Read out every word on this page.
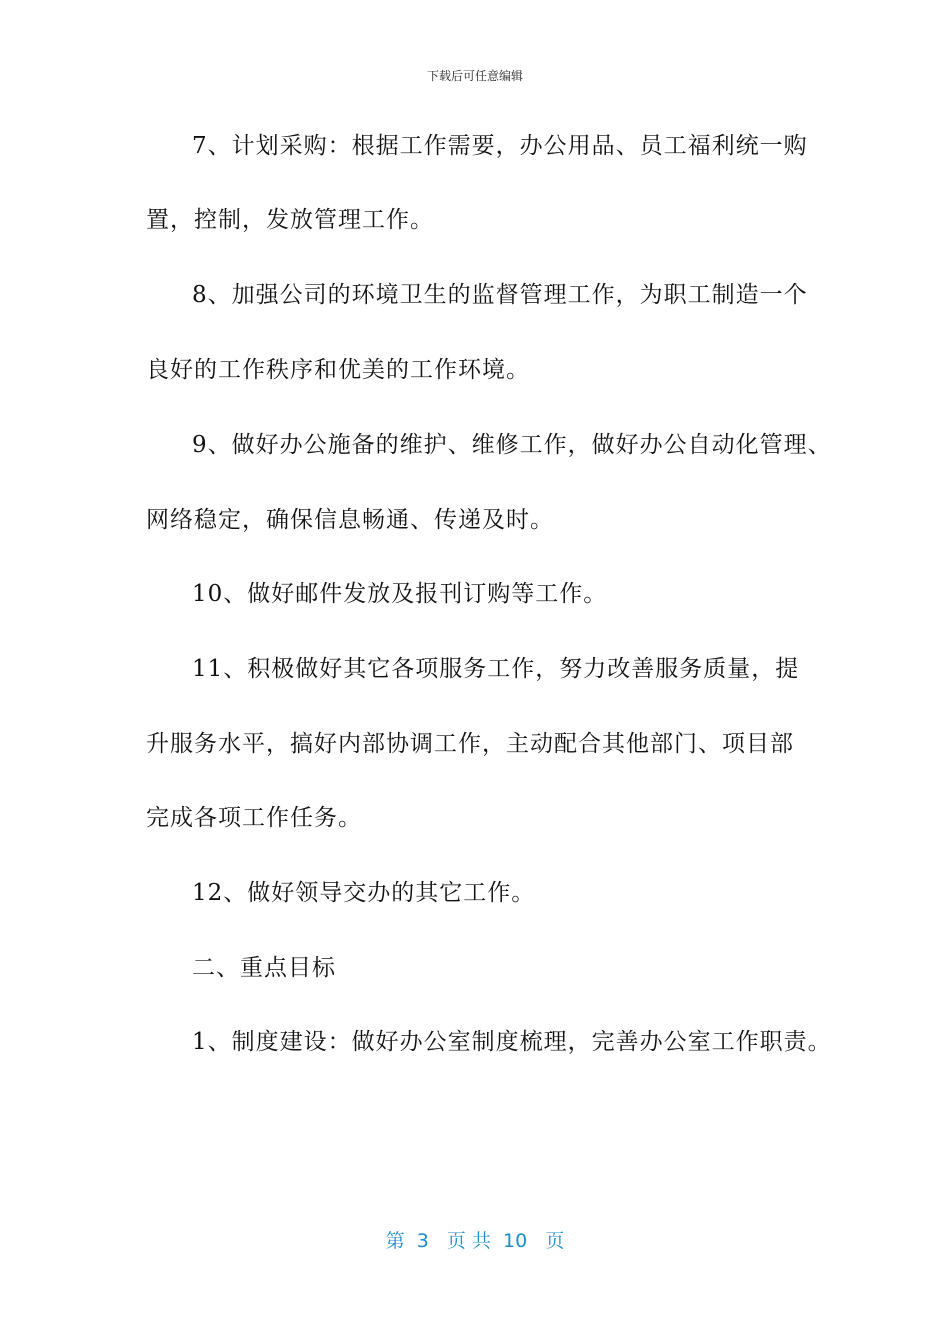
下载后可任意编辑
7、计划采购：根据工作需要，办公用品、员工福利统一购
置，控制，发放管理工作。
8、加强公司的环境卫生的监督管理工作，为职工制造一个
良好的工作秩序和优美的工作环境。
9、做好办公施备的维护、维修工作，做好办公自动化管理、
网络稳定，确保信息畅通、传递及时。
10、做好邮件发放及报刊订购等工作。
11、积极做好其它各项服务工作，努力改善服务质量，提
升服务水平，搞好内部协调工作，主动配合其他部门、项目部
完成各项工作任务。
12、做好领导交办的其它工作。
二、重点目标
1、制度建设：做好办公室制度梳理，完善办公室工作职责。
第  3   页 共  10   页
